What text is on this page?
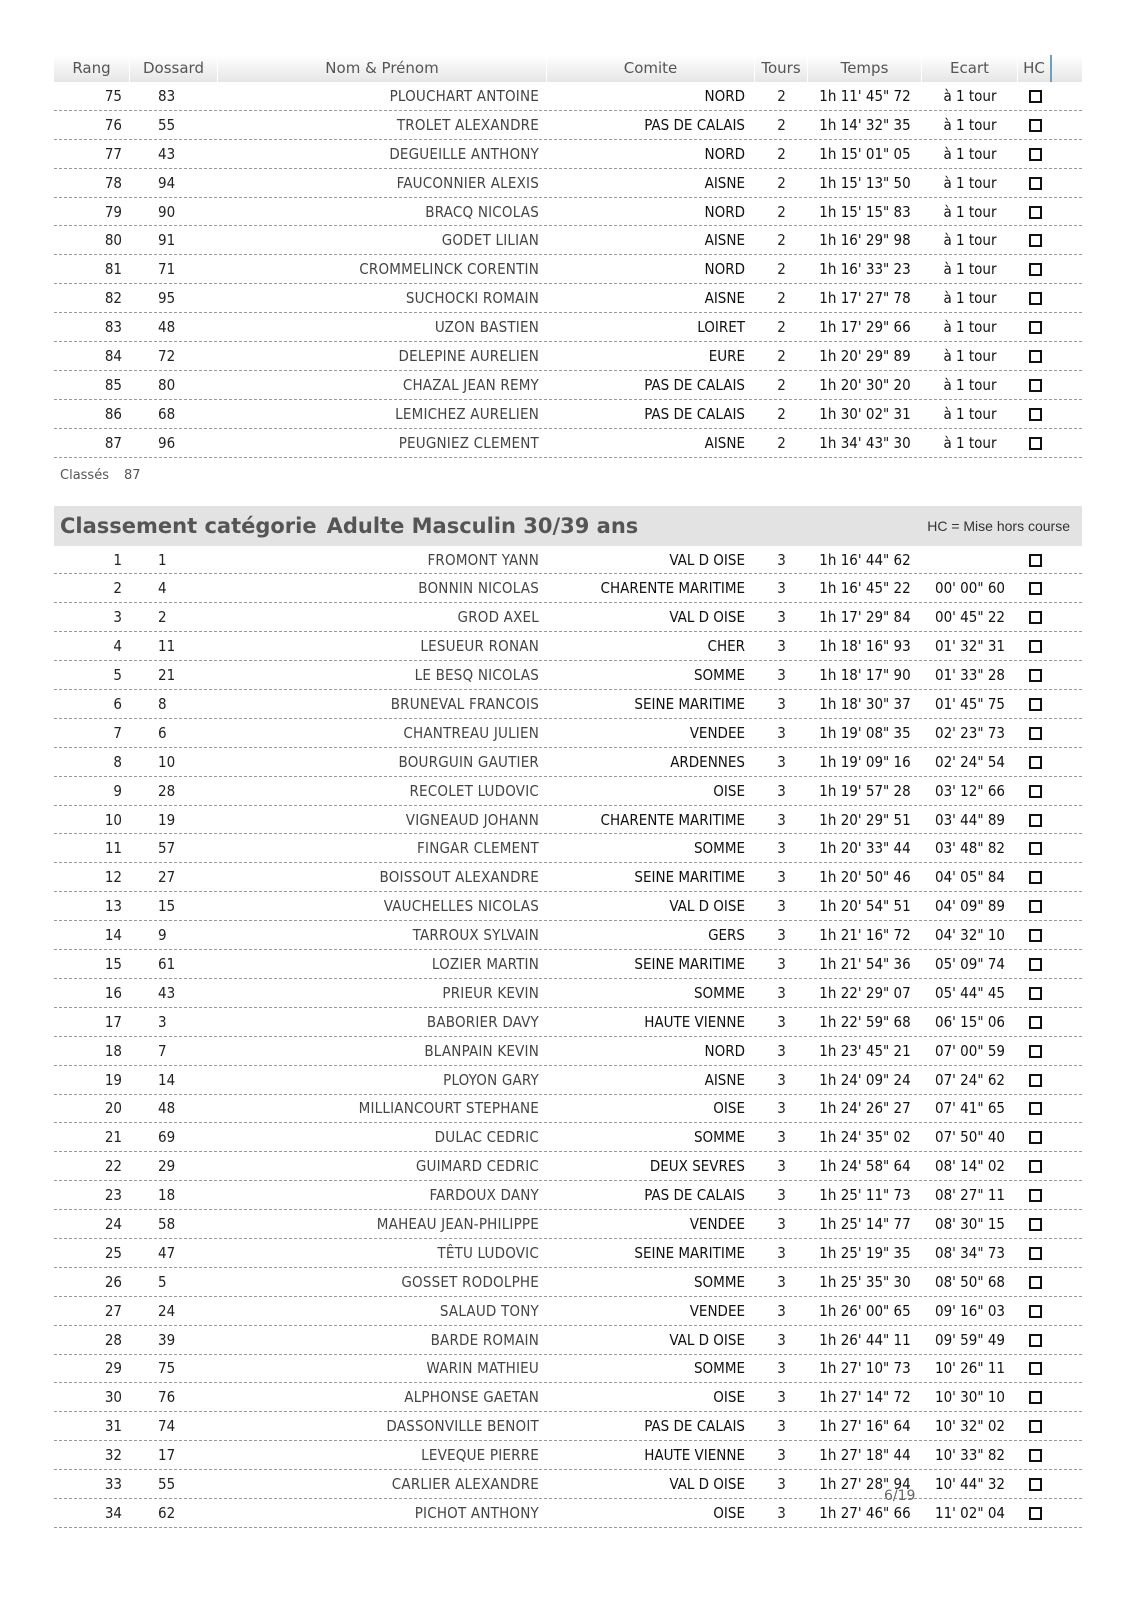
Rang	Dossard	Nom & Prénom	Comite	Tours	Temps	Ecart	HC
75	83	PLOUCHART ANTOINE	NORD	2	1h 11' 45" 72	à 1 tour
76	55	TROLET ALEXANDRE	PAS DE CALAIS	2	1h 14' 32" 35	à 1 tour
77	43	DEGUEILLE ANTHONY	NORD	2	1h 15' 01" 05	à 1 tour
78	94	FAUCONNIER ALEXIS	AISNE	2	1h 15' 13" 50	à 1 tour
79	90	BRACQ NICOLAS	NORD	2	1h 15' 15" 83	à 1 tour
80	91	GODET LILIAN	AISNE	2	1h 16' 29" 98	à 1 tour
81	71	CROMMELINCK CORENTIN	NORD	2	1h 16' 33" 23	à 1 tour
82	95	SUCHOCKI ROMAIN	AISNE	2	1h 17' 27" 78	à 1 tour
83	48	UZON BASTIEN	LOIRET	2	1h 17' 29" 66	à 1 tour
84	72	DELEPINE AURELIEN	EURE	2	1h 20' 29" 89	à 1 tour
85	80	CHAZAL JEAN REMY	PAS DE CALAIS	2	1h 20' 30" 20	à 1 tour
86	68	LEMICHEZ AURELIEN	PAS DE CALAIS	2	1h 30' 02" 31	à 1 tour
87	96	PEUGNIEZ CLEMENT	AISNE	2	1h 34' 43" 30	à 1 tour
Classés	87
Classement catégorie Adulte Masculin 30/39 ans	HC = Mise hors course
1	1	FROMONT YANN	VAL D OISE	3	1h 16' 44" 62
2	4	BONNIN NICOLAS	CHARENTE MARITIME	3	1h 16' 45" 22	00' 00" 60
3	2	GROD AXEL	VAL D OISE	3	1h 17' 29" 84	00' 45" 22
4	11	LESUEUR RONAN	CHER	3	1h 18' 16" 93	01' 32" 31
5	21	LE BESQ NICOLAS	SOMME	3	1h 18' 17" 90	01' 33" 28
6	8	BRUNEVAL FRANCOIS	SEINE MARITIME	3	1h 18' 30" 37	01' 45" 75
7	6	CHANTREAU JULIEN	VENDEE	3	1h 19' 08" 35	02' 23" 73
8	10	BOURGUIN GAUTIER	ARDENNES	3	1h 19' 09" 16	02' 24" 54
9	28	RECOLET LUDOVIC	OISE	3	1h 19' 57" 28	03' 12" 66
10	19	VIGNEAUD JOHANN	CHARENTE MARITIME	3	1h 20' 29" 51	03' 44" 89
11	57	FINGAR CLEMENT	SOMME	3	1h 20' 33" 44	03' 48" 82
12	27	BOISSOUT ALEXANDRE	SEINE MARITIME	3	1h 20' 50" 46	04' 05" 84
13	15	VAUCHELLES NICOLAS	VAL D OISE	3	1h 20' 54" 51	04' 09" 89
14	9	TARROUX SYLVAIN	GERS	3	1h 21' 16" 72	04' 32" 10
15	61	LOZIER MARTIN	SEINE MARITIME	3	1h 21' 54" 36	05' 09" 74
16	43	PRIEUR KEVIN	SOMME	3	1h 22' 29" 07	05' 44" 45
17	3	BABORIER DAVY	HAUTE VIENNE	3	1h 22' 59" 68	06' 15" 06
18	7	BLANPAIN KEVIN	NORD	3	1h 23' 45" 21	07' 00" 59
19	14	PLOYON GARY	AISNE	3	1h 24' 09" 24	07' 24" 62
20	48	MILLIANCOURT STEPHANE	OISE	3	1h 24' 26" 27	07' 41" 65
21	69	DULAC CEDRIC	SOMME	3	1h 24' 35" 02	07' 50" 40
22	29	GUIMARD CEDRIC	DEUX SEVRES	3	1h 24' 58" 64	08' 14" 02
23	18	FARDOUX DANY	PAS DE CALAIS	3	1h 25' 11" 73	08' 27" 11
24	58	MAHEAU JEAN-PHILIPPE	VENDEE	3	1h 25' 14" 77	08' 30" 15
25	47	TÊTU LUDOVIC	SEINE MARITIME	3	1h 25' 19" 35	08' 34" 73
26	5	GOSSET RODOLPHE	SOMME	3	1h 25' 35" 30	08' 50" 68
27	24	SALAUD TONY	VENDEE	3	1h 26' 00" 65	09' 16" 03
28	39	BARDE ROMAIN	VAL D OISE	3	1h 26' 44" 11	09' 59" 49
29	75	WARIN MATHIEU	SOMME	3	1h 27' 10" 73	10' 26" 11
30	76	ALPHONSE GAETAN	OISE	3	1h 27' 14" 72	10' 30" 10
31	74	DASSONVILLE BENOIT	PAS DE CALAIS	3	1h 27' 16" 64	10' 32" 02
32	17	LEVEQUE PIERRE	HAUTE VIENNE	3	1h 27' 18" 44	10' 33" 82
33	55	CARLIER ALEXANDRE	VAL D OISE	3	1h 27' 28" 94	10' 44" 32
34	62	PICHOT ANTHONY	OISE	3	1h 27' 46" 66	11' 02" 04
6/19
